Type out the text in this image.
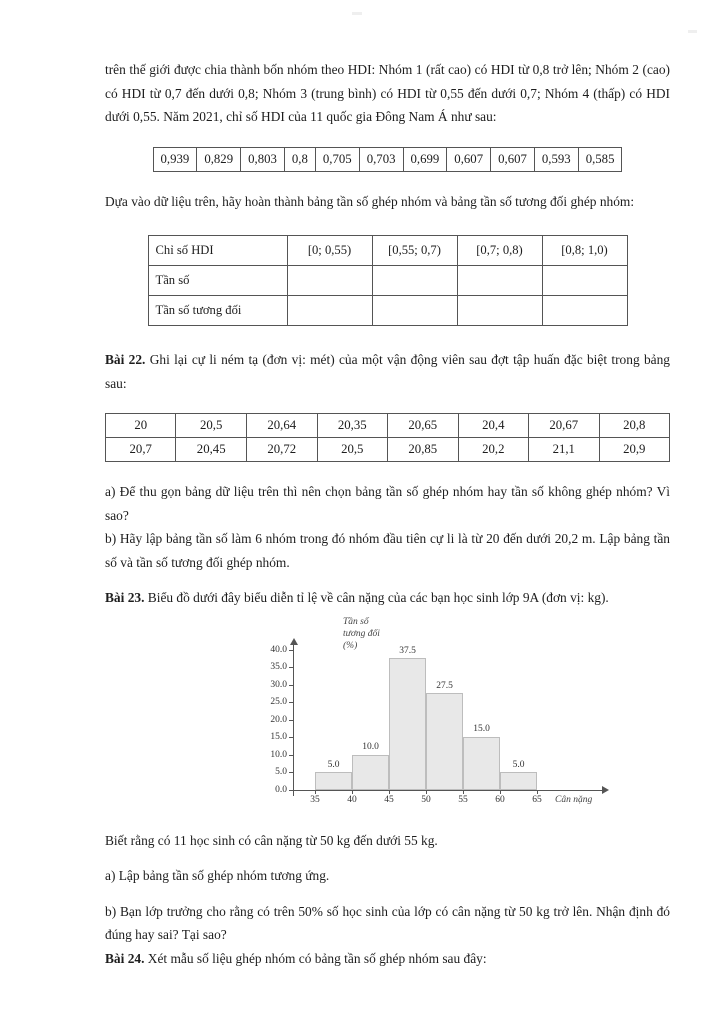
trên thế giới được chia thành bốn nhóm theo HDI: Nhóm 1 (rất cao) có HDI từ 0,8 trở lên; Nhóm 2 (cao) có HDI từ 0,7 đến dưới 0,8; Nhóm 3 (trung bình) có HDI từ 0,55 đến dưới 0,7; Nhóm 4 (thấp) có HDI dưới 0,55. Năm 2021, chỉ số HDI của 11 quốc gia Đông Nam Á như sau:

0,939	0,829	0,803	0,8	0,705	0,703	0,699	0,607	0,607	0,593	0,585

Dựa vào dữ liệu trên, hãy hoàn thành bảng tần số ghép nhóm và bảng tần số tương đối ghép nhóm:

Chỉ số HDI	[0; 0,55)	[0,55; 0,7)	[0,7; 0,8)	[0,8; 1,0)
Tần số				
Tần số tương đối				

Bài 22. Ghi lại cự li ném tạ (đơn vị: mét) của một vận động viên sau đợt tập huấn đặc biệt trong bảng sau:

20	20,5	20,64	20,35	20,65	20,4	20,67	20,8
20,7	20,45	20,72	20,5	20,85	20,2	21,1	20,9

a) Để thu gọn bảng dữ liệu trên thì nên chọn bảng tần số ghép nhóm hay tần số không ghép nhóm? Vì sao?

b) Hãy lập bảng tần số làm 6 nhóm trong đó nhóm đầu tiên cự li là từ 20 đến dưới 20,2 m. Lập bảng tần số và tần số tương đối ghép nhóm.

Bài 23. Biểu đồ dưới đây biểu diễn tỉ lệ về cân nặng của các bạn học sinh lớp 9A (đơn vị: kg).

Tần số
tương đối
(%)
0.0
5.0
10.0
15.0
20.0
25.0
30.0
35.0
40.0
5.0
10.0
37.5
27.5
15.0
5.0
35	40	45	50	55	60	65 Cân nặng

Biết rằng có 11 học sinh có cân nặng từ 50 kg đến dưới 55 kg.

a) Lập bảng tần số ghép nhóm tương ứng.

b) Bạn lớp trưởng cho rằng có trên 50% số học sinh của lớp có cân nặng từ 50 kg trở lên. Nhận định đó đúng hay sai? Tại sao?

Bài 24. Xét mẫu số liệu ghép nhóm có bảng tần số ghép nhóm sau đây:
